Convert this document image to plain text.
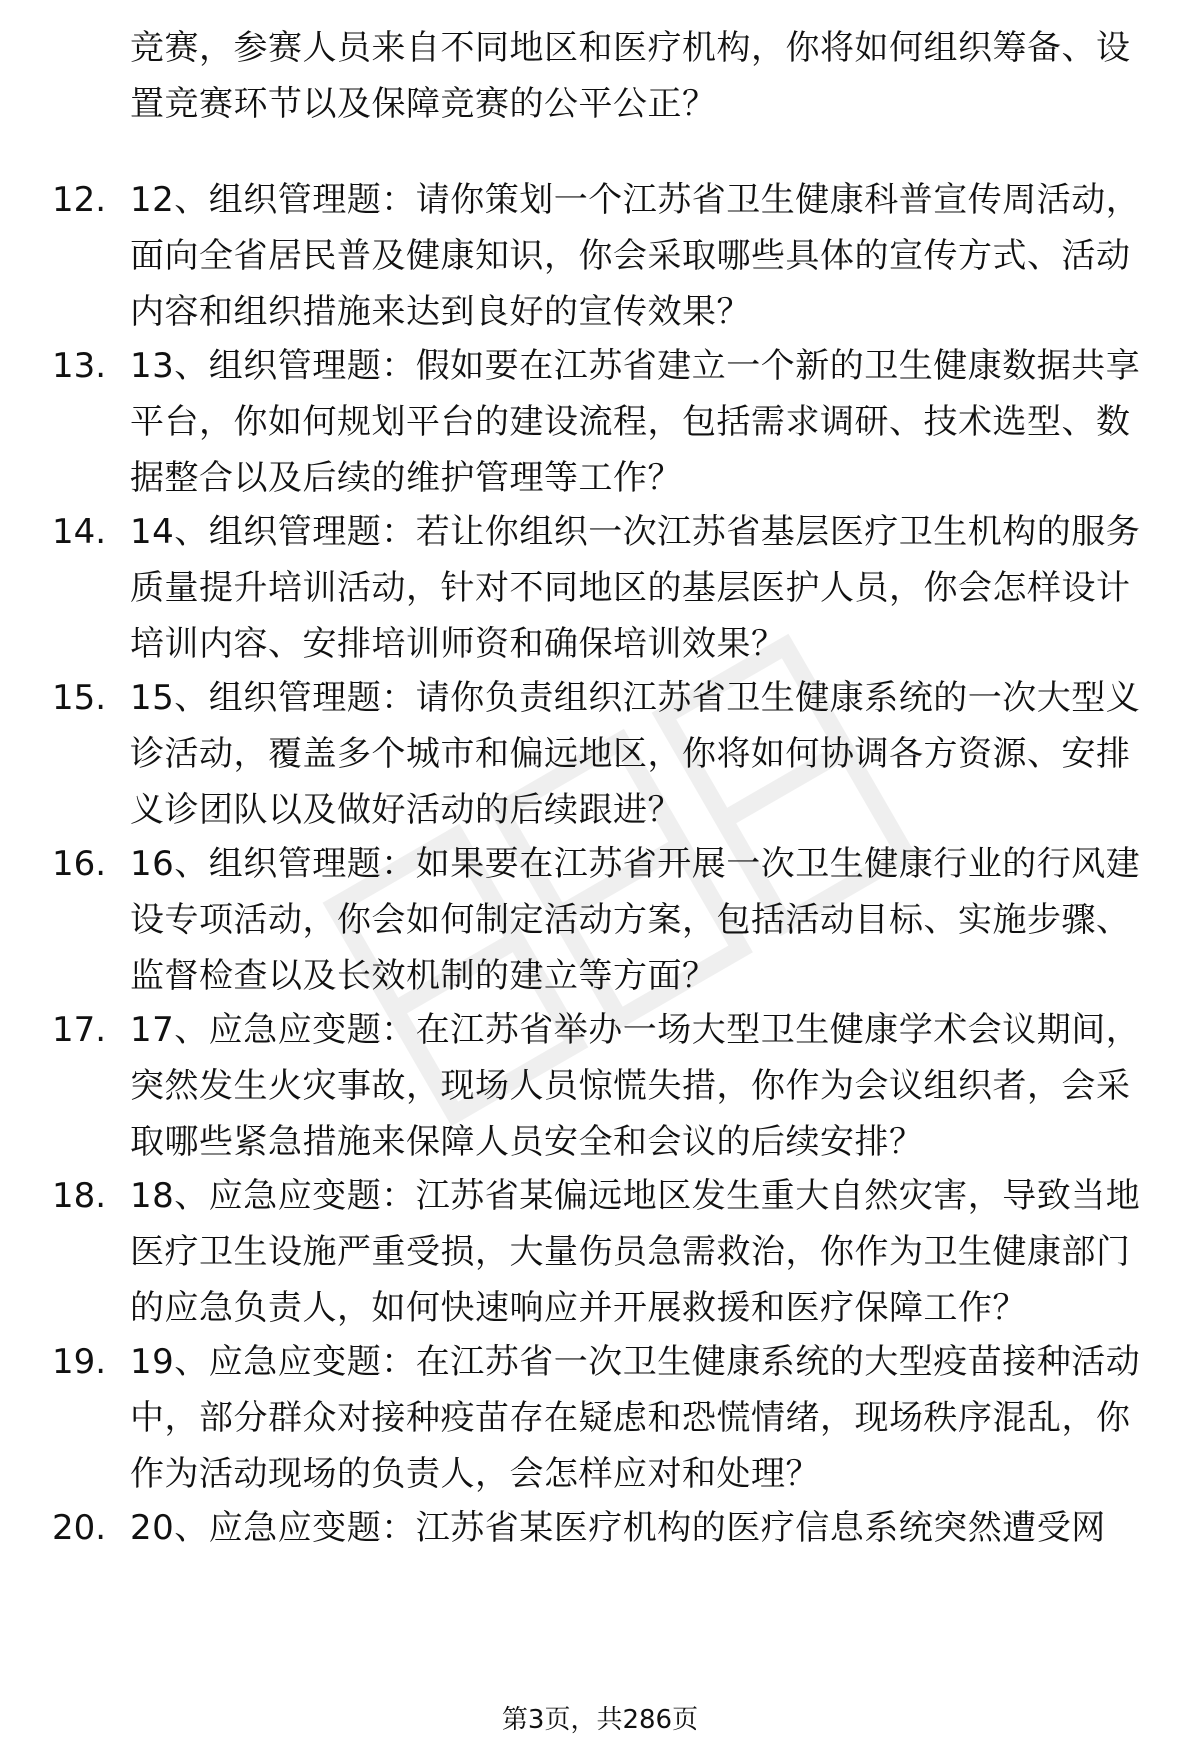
竞赛，参赛人员来自不同地区和医疗机构，你将如何组织筹备、设置竞赛环节以及保障竞赛的公平公正？
12. 12、组织管理题：请你策划一个江苏省卫生健康科普宣传周活动，面向全省居民普及健康知识，你会采取哪些具体的宣传方式、活动内容和组织措施来达到良好的宣传效果？
13. 13、组织管理题：假如要在江苏省建立一个新的卫生健康数据共享平台，你如何规划平台的建设流程，包括需求调研、技术选型、数据整合以及后续的维护管理等工作？
14. 14、组织管理题：若让你组织一次江苏省基层医疗卫生机构的服务质量提升培训活动，针对不同地区的基层医护人员，你会怎样设计培训内容、安排培训师资和确保培训效果？
15. 15、组织管理题：请你负责组织江苏省卫生健康系统的一次大型义诊活动，覆盖多个城市和偏远地区，你将如何协调各方资源、安排义诊团队以及做好活动的后续跟进？
16. 16、组织管理题：如果要在江苏省开展一次卫生健康行业的行风建设专项活动，你会如何制定活动方案，包括活动目标、实施步骤、监督检查以及长效机制的建立等方面？
17. 17、应急应变题：在江苏省举办一场大型卫生健康学术会议期间，突然发生火灾事故，现场人员惊慌失措，你作为会议组织者，会采取哪些紧急措施来保障人员安全和会议的后续安排？
18. 18、应急应变题：江苏省某偏远地区发生重大自然灾害，导致当地医疗卫生设施严重受损，大量伤员急需救治，你作为卫生健康部门的应急负责人，如何快速响应并开展救援和医疗保障工作？
19. 19、应急应变题：在江苏省一次卫生健康系统的大型疫苗接种活动中，部分群众对接种疫苗存在疑虑和恐慌情绪，现场秩序混乱，你作为活动现场的负责人，会怎样应对和处理？
20. 20、应急应变题：江苏省某医疗机构的医疗信息系统突然遭受网
第3页，共286页
